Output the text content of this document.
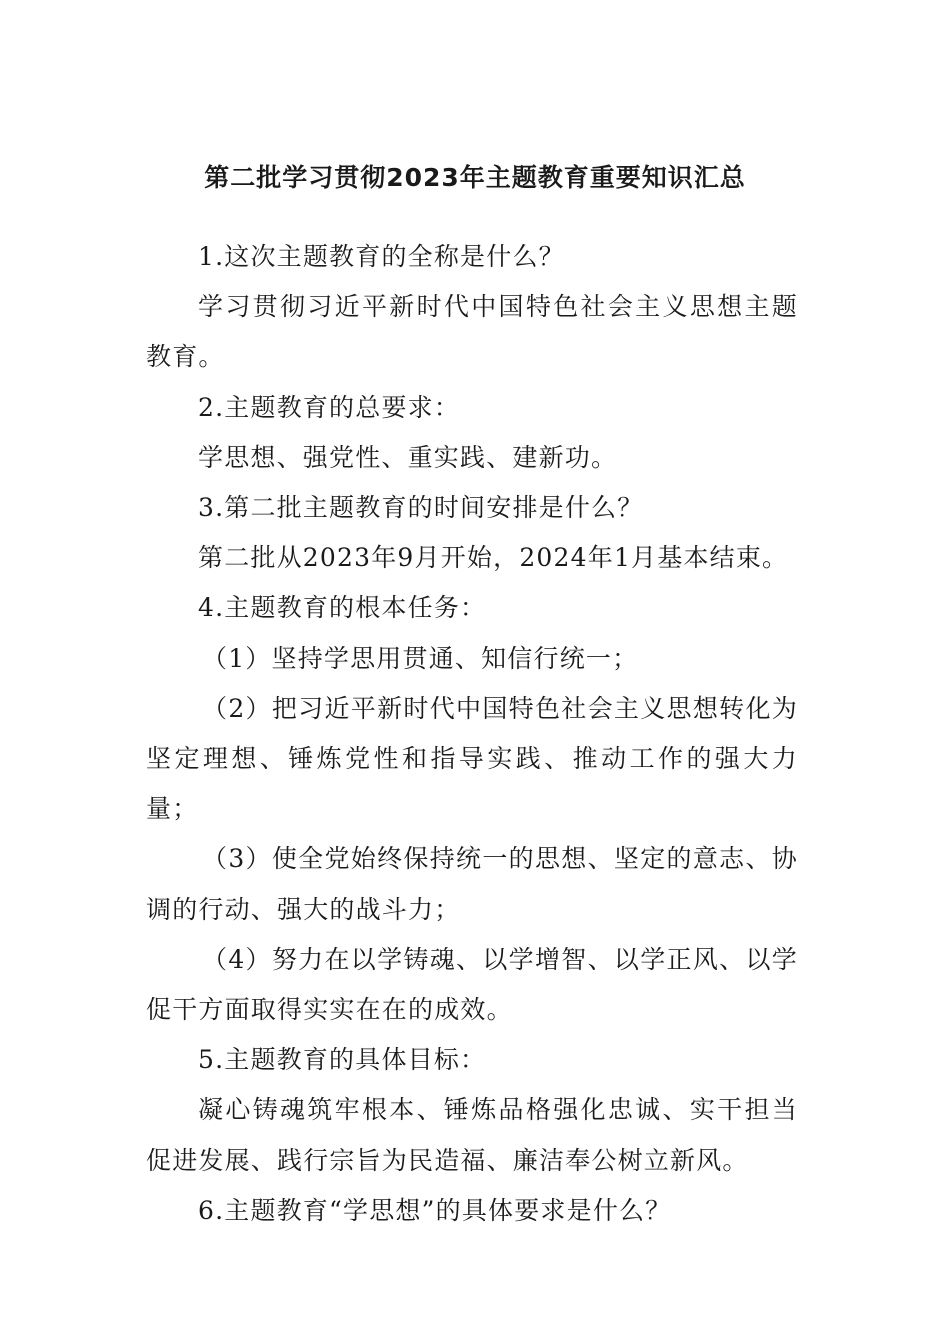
第二批学习贯彻2023年主题教育重要知识汇总

1.这次主题教育的全称是什么？

学习贯彻习近平新时代中国特色社会主义思想主题教育。

2.主题教育的总要求：

学思想、强党性、重实践、建新功。

3.第二批主题教育的时间安排是什么？

第二批从2023年9月开始，2024年1月基本结束。

4.主题教育的根本任务：

（1）坚持学思用贯通、知信行统一；

（2）把习近平新时代中国特色社会主义思想转化为坚定理想、锤炼党性和指导实践、推动工作的强大力量；

（3）使全党始终保持统一的思想、坚定的意志、协调的行动、强大的战斗力；

（4）努力在以学铸魂、以学增智、以学正风、以学促干方面取得实实在在的成效。

5.主题教育的具体目标：

凝心铸魂筑牢根本、锤炼品格强化忠诚、实干担当促进发展、践行宗旨为民造福、廉洁奉公树立新风。

6.主题教育“学思想”的具体要求是什么？
